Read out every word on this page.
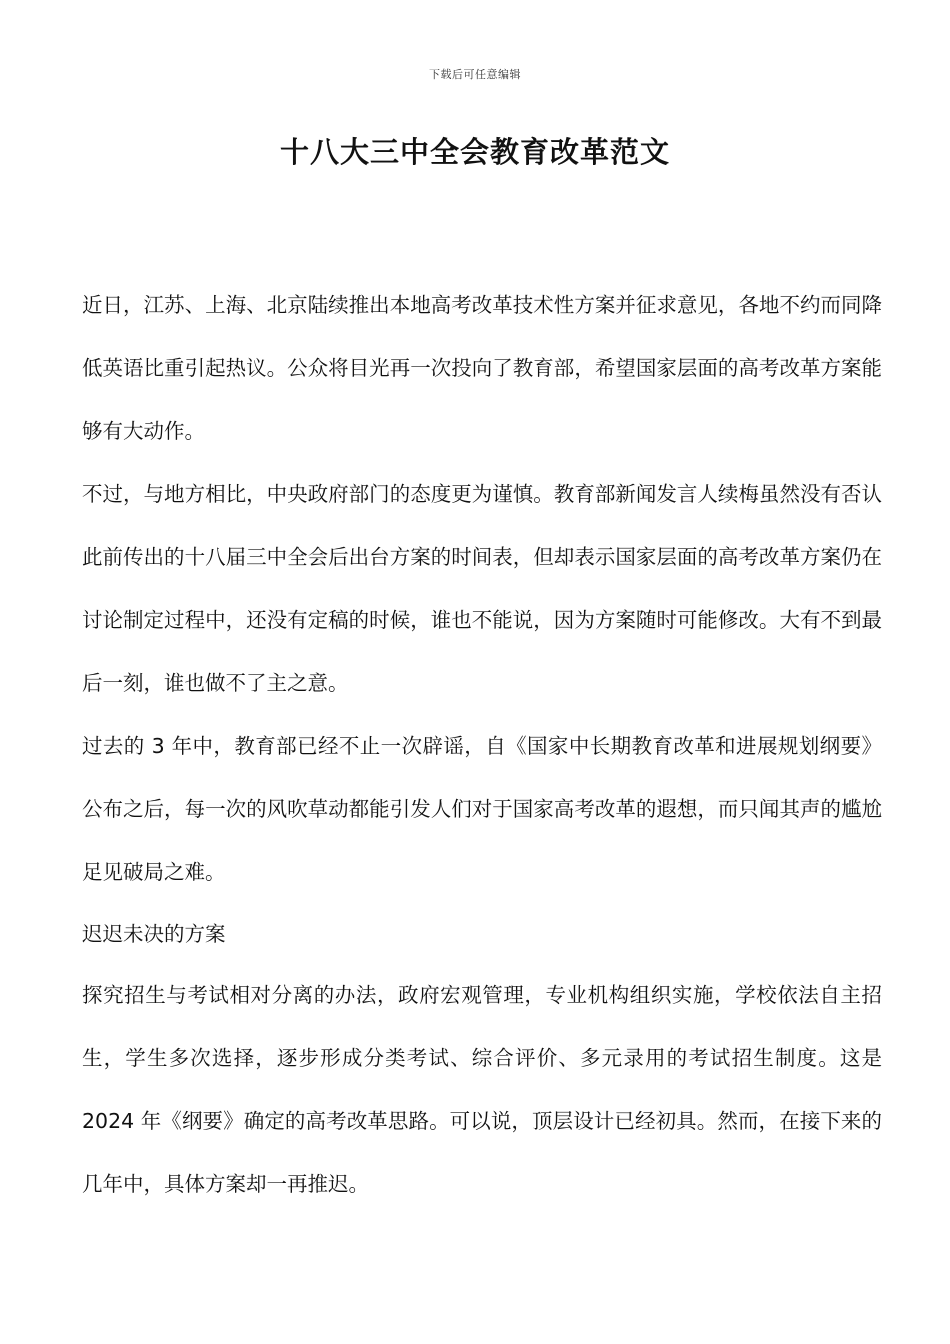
下载后可任意编辑
十八大三中全会教育改革范文

近日，江苏、上海、北京陆续推出本地高考改革技术性方案并征求意见，各地不约而同降低英语比重引起热议。公众将目光再一次投向了教育部，希望国家层面的高考改革方案能够有大动作。

不过，与地方相比，中央政府部门的态度更为谨慎。教育部新闻发言人续梅虽然没有否认此前传出的十八届三中全会后出台方案的时间表，但却表示国家层面的高考改革方案仍在讨论制定过程中，还没有定稿的时候，谁也不能说，因为方案随时可能修改。大有不到最后一刻，谁也做不了主之意。

过去的 3 年中，教育部已经不止一次辟谣，自《国家中长期教育改革和进展规划纲要》公布之后，每一次的风吹草动都能引发人们对于国家高考改革的遐想，而只闻其声的尴尬足见破局之难。

迟迟未决的方案

探究招生与考试相对分离的办法，政府宏观管理，专业机构组织实施，学校依法自主招生，学生多次选择，逐步形成分类考试、综合评价、多元录用的考试招生制度。这是 2024 年《纲要》确定的高考改革思路。可以说，顶层设计已经初具。然而，在接下来的几年中，具体方案却一再推迟。
